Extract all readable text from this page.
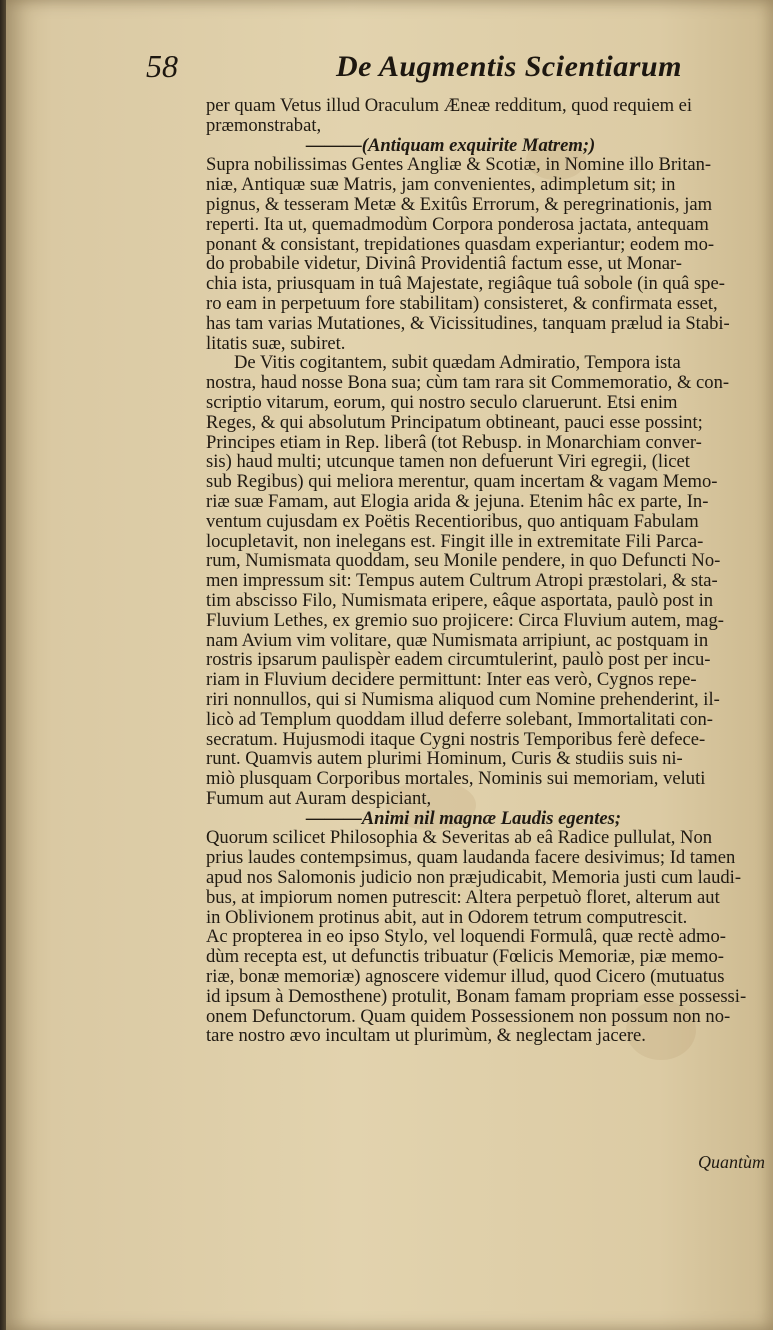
58	De Augmentis Scientiarum
per quam Vetus illud Oraculum Æneæ redditum, quod requiem ei
præmonstrabat,
———(Antiquam exquirite Matrem;)
Supra nobilissimas Gentes Angliæ & Scotiæ, in Nomine illo Britan-
niæ, Antiquæ suæ Matris, jam convenientes, adimpletum sit; in
pignus, & tesseram Metæ & Exitûs Errorum, & peregrinationis, jam
reperti. Ita ut, quemadmodùm Corpora ponderosa jactata, antequam
ponant & consistant, trepidationes quasdam experiantur; eodem mo-
do probabile videtur, Divinâ Providentiâ factum esse, ut Monar-
chia ista, priusquam in tuâ Majestate, regiâque tuâ sobole (in quâ spe-
ro eam in perpetuum fore stabilitam) consisteret, & confirmata esset,
has tam varias Mutationes, & Vicissitudines, tanquam prælud ia Stabi-
litatis suæ, subiret.
De Vitis cogitantem, subit quædam Admiratio, Tempora ista
nostra, haud nosse Bona sua; cùm tam rara sit Commemoratio, & con-
scriptio vitarum, eorum, qui nostro seculo claruerunt. Etsi enim
Reges, & qui absolutum Principatum obtineant, pauci esse possint;
Principes etiam in Rep. liberâ (tot Rebusp. in Monarchiam conver-
sis) haud multi; utcunque tamen non defuerunt Viri egregii, (licet
sub Regibus) qui meliora merentur, quam incertam & vagam Memo-
riæ suæ Famam, aut Elogia arida & jejuna. Etenim hâc ex parte, In-
ventum cujusdam ex Poëtis Recentioribus, quo antiquam Fabulam
locupletavit, non inelegans est. Fingit ille in extremitate Fili Parca-
rum, Numismata quoddam, seu Monile pendere, in quo Defuncti No-
men impressum sit: Tempus autem Cultrum Atropi præstolari, & sta-
tim abscisso Filo, Numismata eripere, eâque asportata, paulò post in
Fluvium Lethes, ex gremio suo projicere: Circa Fluvium autem, mag-
nam Avium vim volitare, quæ Numismata arripiunt, ac postquam in
rostris ipsarum paulispèr eadem circumtulerint, paulò post per incu-
riam in Fluvium decidere permittunt: Inter eas verò, Cygnos repe-
riri nonnullos, qui si Numisma aliquod cum Nomine prehenderint, il-
licò ad Templum quoddam illud deferre solebant, Immortalitati con-
secratum. Hujusmodi itaque Cygni nostris Temporibus ferè defece-
runt. Quamvis autem plurimi Hominum, Curis & studiis suis ni-
miò plusquam Corporibus mortales, Nominis sui memoriam, veluti
Fumum aut Auram despiciant,
———Animi nil magnæ Laudis egentes;
Quorum scilicet Philosophia & Severitas ab eâ Radice pullulat, Non
prius laudes contempsimus, quam laudanda facere desivimus; Id tamen
apud nos Salomonis judicio non præjudicabit, Memoria justi cum laudi-
bus, at impiorum nomen putrescit: Altera perpetuò floret, alterum aut
in Oblivionem protinus abit, aut in Odorem tetrum computrescit.
Ac propterea in eo ipso Stylo, vel loquendi Formulâ, quæ rectè admo-
dùm recepta est, ut defunctis tribuatur (Fœlicis Memoriæ, piæ memo-
riæ, bonæ memoriæ) agnoscere videmur illud, quod Cicero (mutuatus
id ipsum à Demosthene) protulit, Bonam famam propriam esse possessi-
onem Defunctorum. Quam quidem Possessionem non possum non no-
tare nostro ævo incultam ut plurimùm, & neglectam jacere.
Quantùm
